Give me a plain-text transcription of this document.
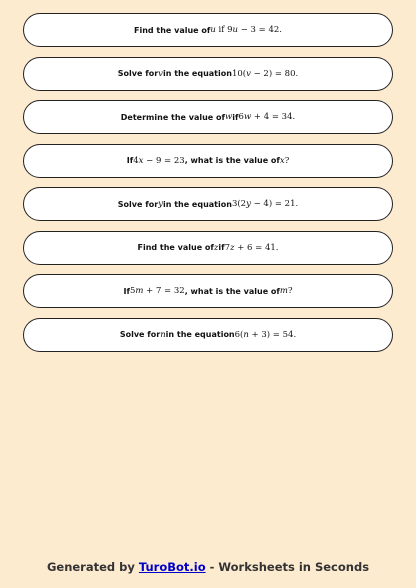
Find the value of u if 9u − 3 = 42.
Solve for v in the equation 10(v − 2) = 80.
Determine the value of w if 6w + 4 = 34.
If 4x − 9 = 23 , what is the value of x?
Solve for y in the equation 3(2y − 4) = 21.
Find the value of z if 7z + 6 = 41.
If 5m + 7 = 32 , what is the value of m?
Solve for n in the equation 6(n + 3) = 54.
Generated by TuroBot.io - Worksheets in Seconds
